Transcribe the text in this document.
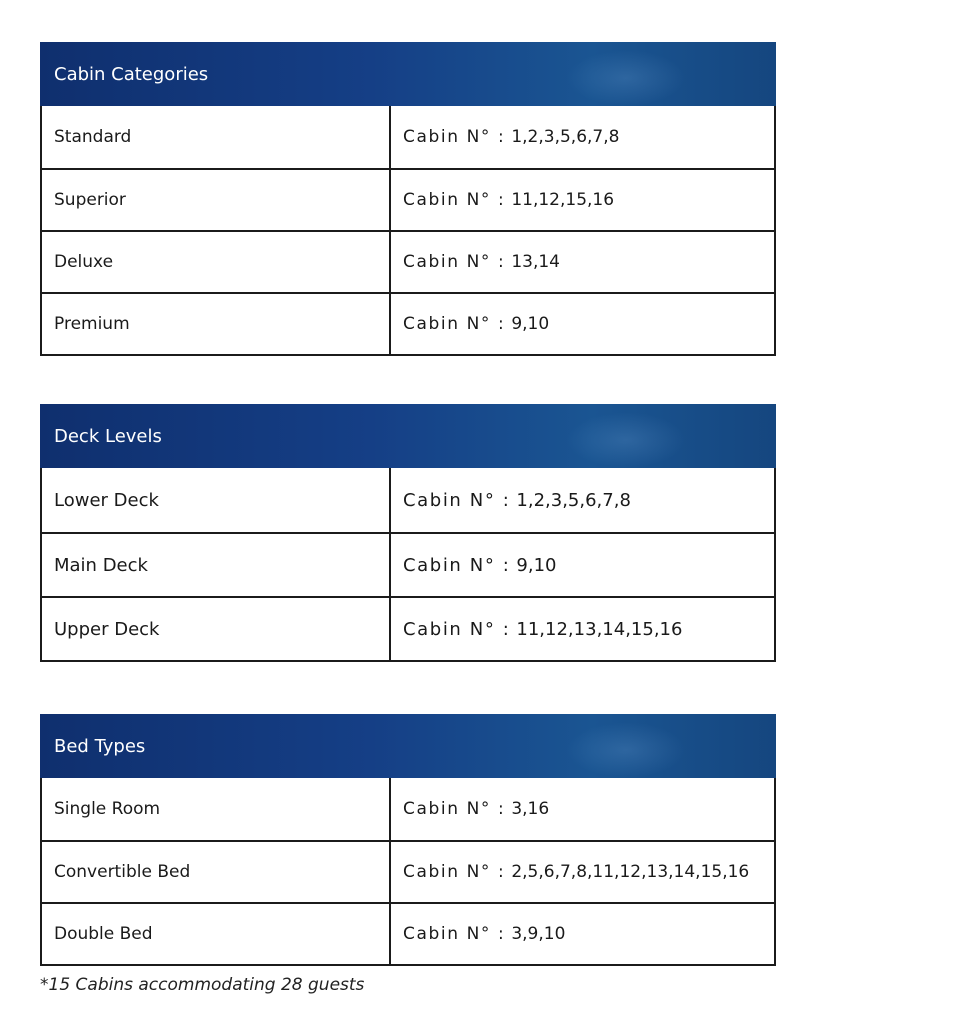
Cabin Categories
Standard	Cabin N° : 1,2,3,5,6,7,8
Superior	Cabin N° : 11,12,15,16
Deluxe	Cabin N° : 13,14
Premium	Cabin N° : 9,10
Deck Levels
Lower Deck	Cabin N° : 1,2,3,5,6,7,8
Main Deck	Cabin N° : 9,10
Upper Deck	Cabin N° : 11,12,13,14,15,16
Bed Types
Single Room	Cabin N° : 3,16
Convertible Bed	Cabin N° : 2,5,6,7,8,11,12,13,14,15,16
Double Bed	Cabin N° : 3,9,10
*15 Cabins accommodating 28 guests
